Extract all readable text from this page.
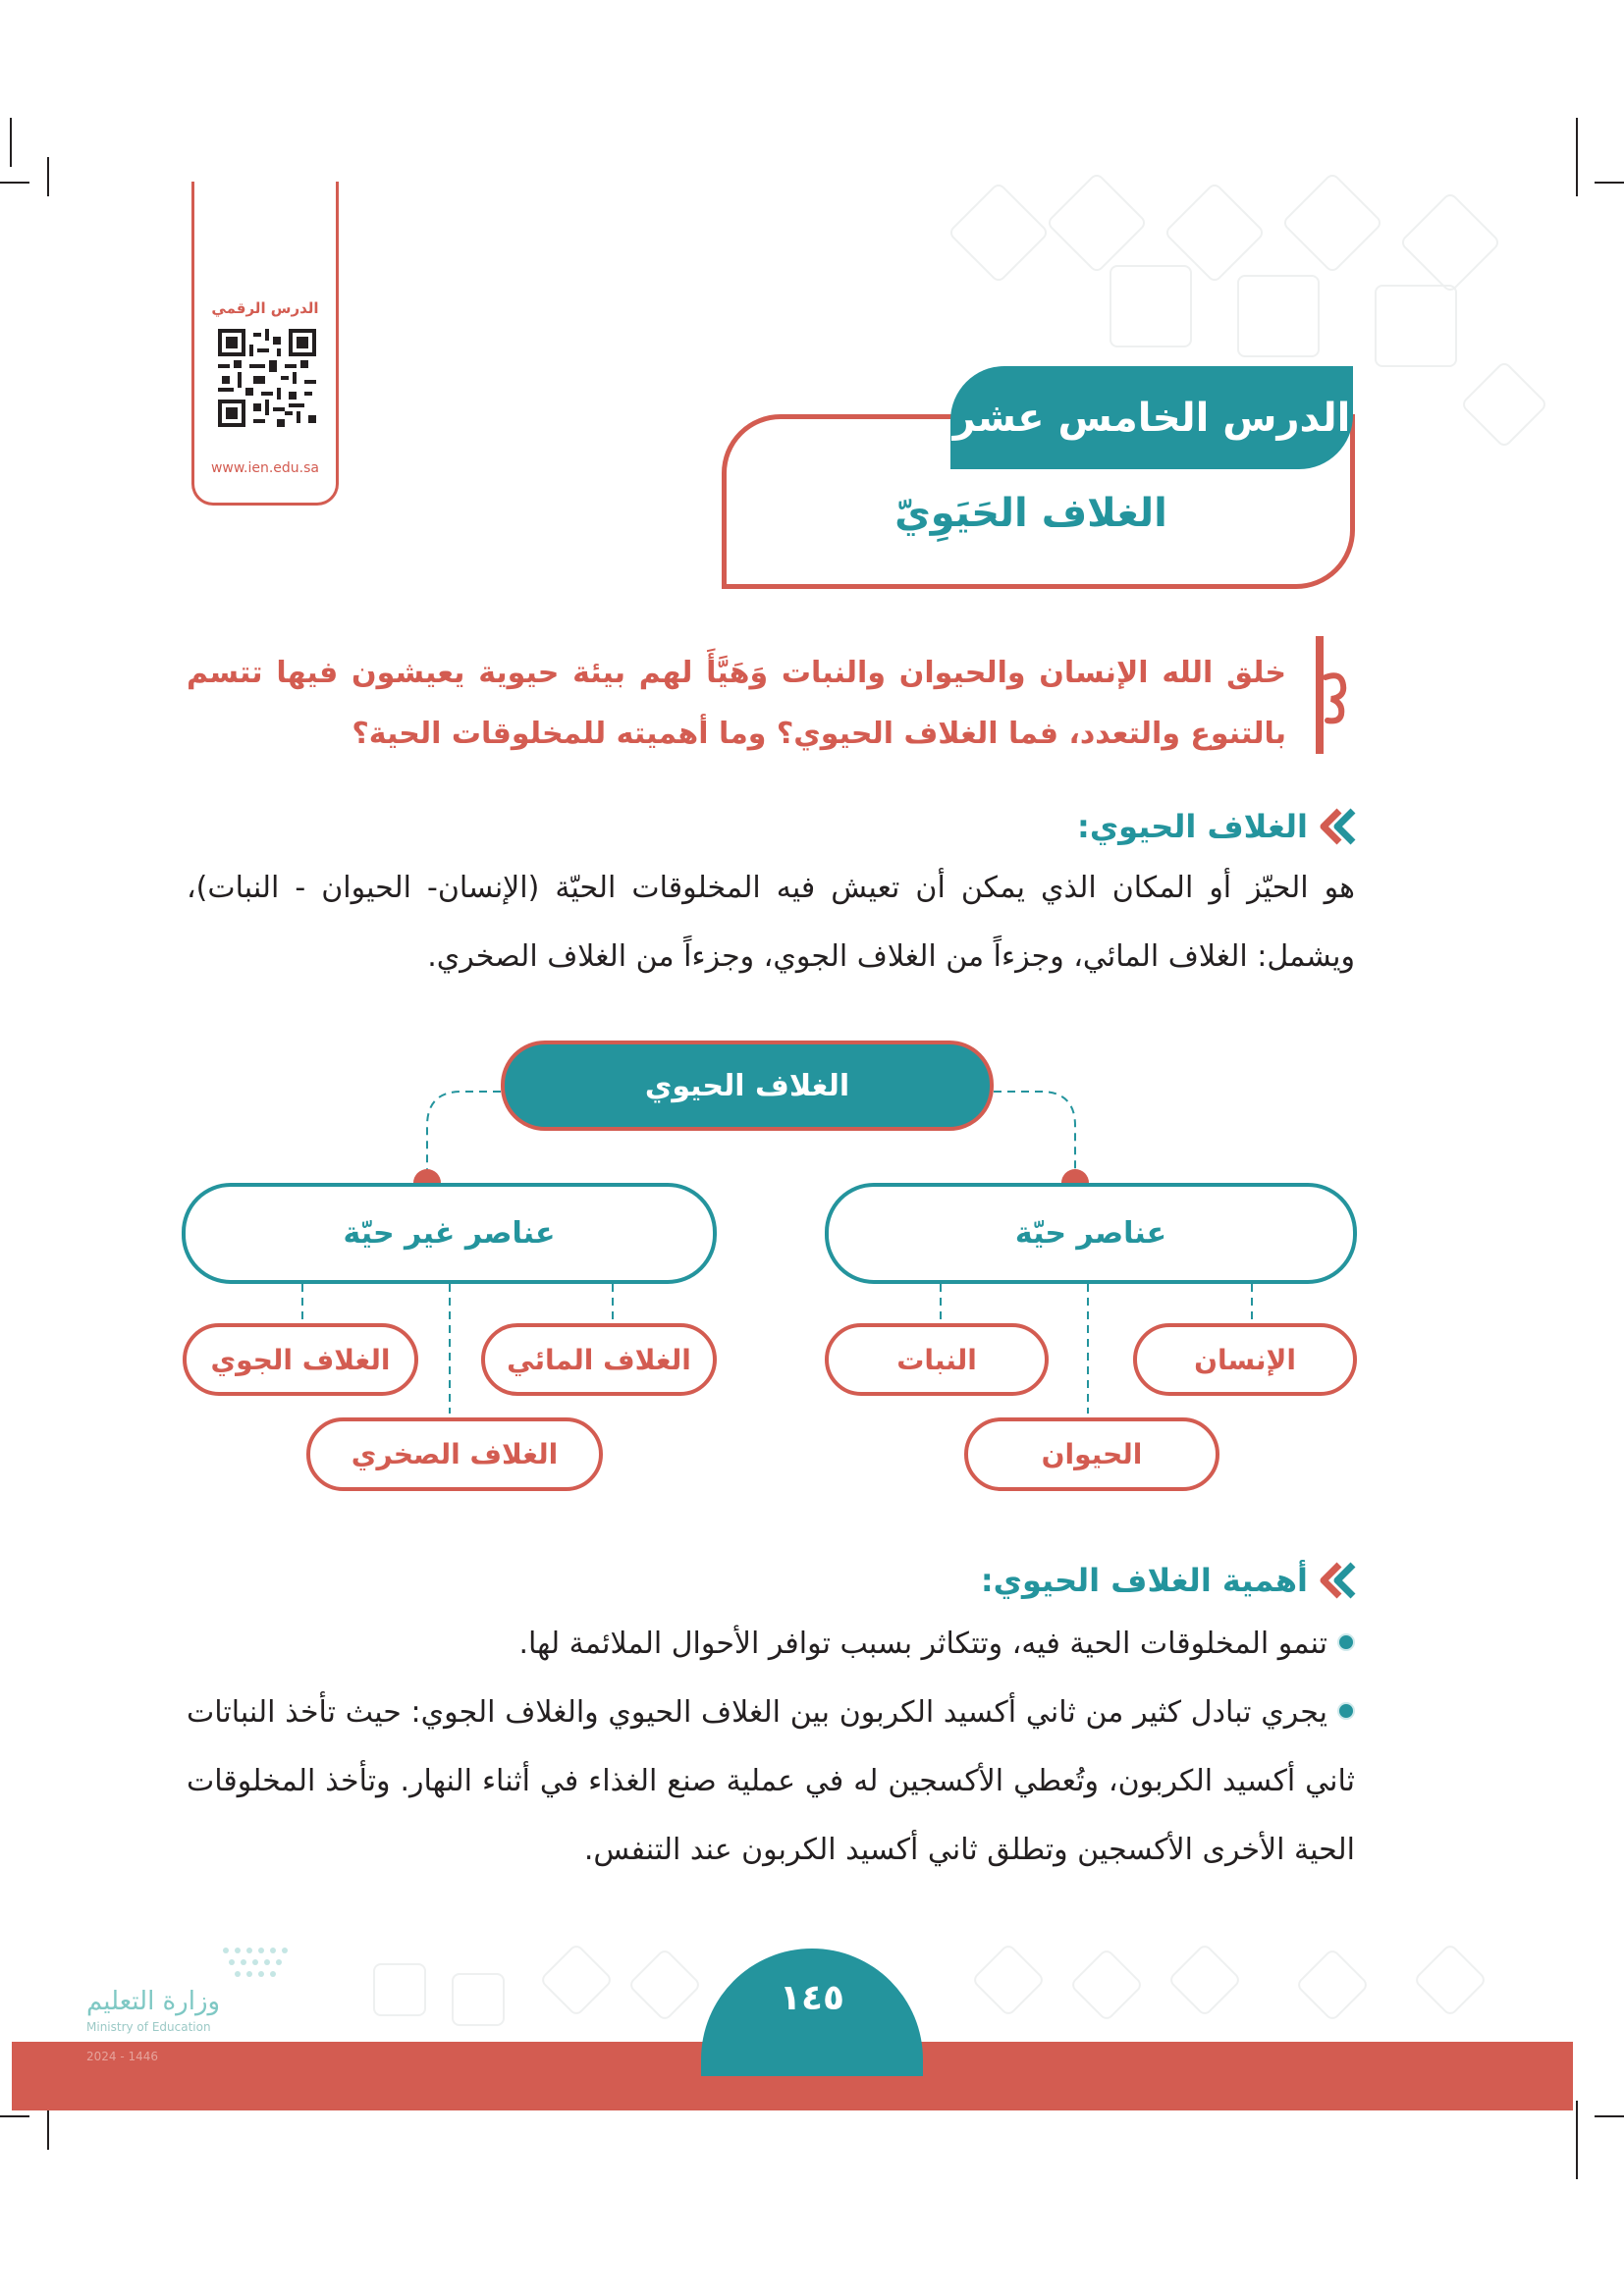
الدرس الرقمي
www.ien.edu.sa
الدرس الخامس عشر
الغلاف الحَيَوِيّ
خلق الله الإنسان والحيوان والنبات وَهَيَّأَ لهم بيئة حيوية يعيشون فيها تتسم بالتنوع والتعدد، فما الغلاف الحيوي؟ وما أهميته للمخلوقات الحية؟
الغلاف الحيوي:
هو الحيّز أو المكان الذي يمكن أن تعيش فيه المخلوقات الحيّة (الإنسان- الحيوان - النبات)، ويشمل: الغلاف المائي، وجزءاً من الغلاف الجوي، وجزءاً من الغلاف الصخري.
الغلاف الحيوي
عناصر غير حيّة	عناصر حيّة
الغلاف الجوي	الغلاف المائي
الغلاف الصخري
النبات	الإنسان
الحيوان
أهمية الغلاف الحيوي:
تنمو المخلوقات الحية فيه، وتتكاثر بسبب توافر الأحوال الملائمة لها.
يجري تبادل كثير من ثاني أكسيد الكربون بين الغلاف الحيوي والغلاف الجوي: حيث تأخذ النباتات ثاني أكسيد الكربون، وتُعطي الأكسجين له في عملية صنع الغذاء في أثناء النهار. وتأخذ المخلوقات الحية الأخرى الأكسجين وتطلق ثاني أكسيد الكربون عند التنفس.
وزارة التعليم
Ministry of Education
2024 - 1446
١٤٥
